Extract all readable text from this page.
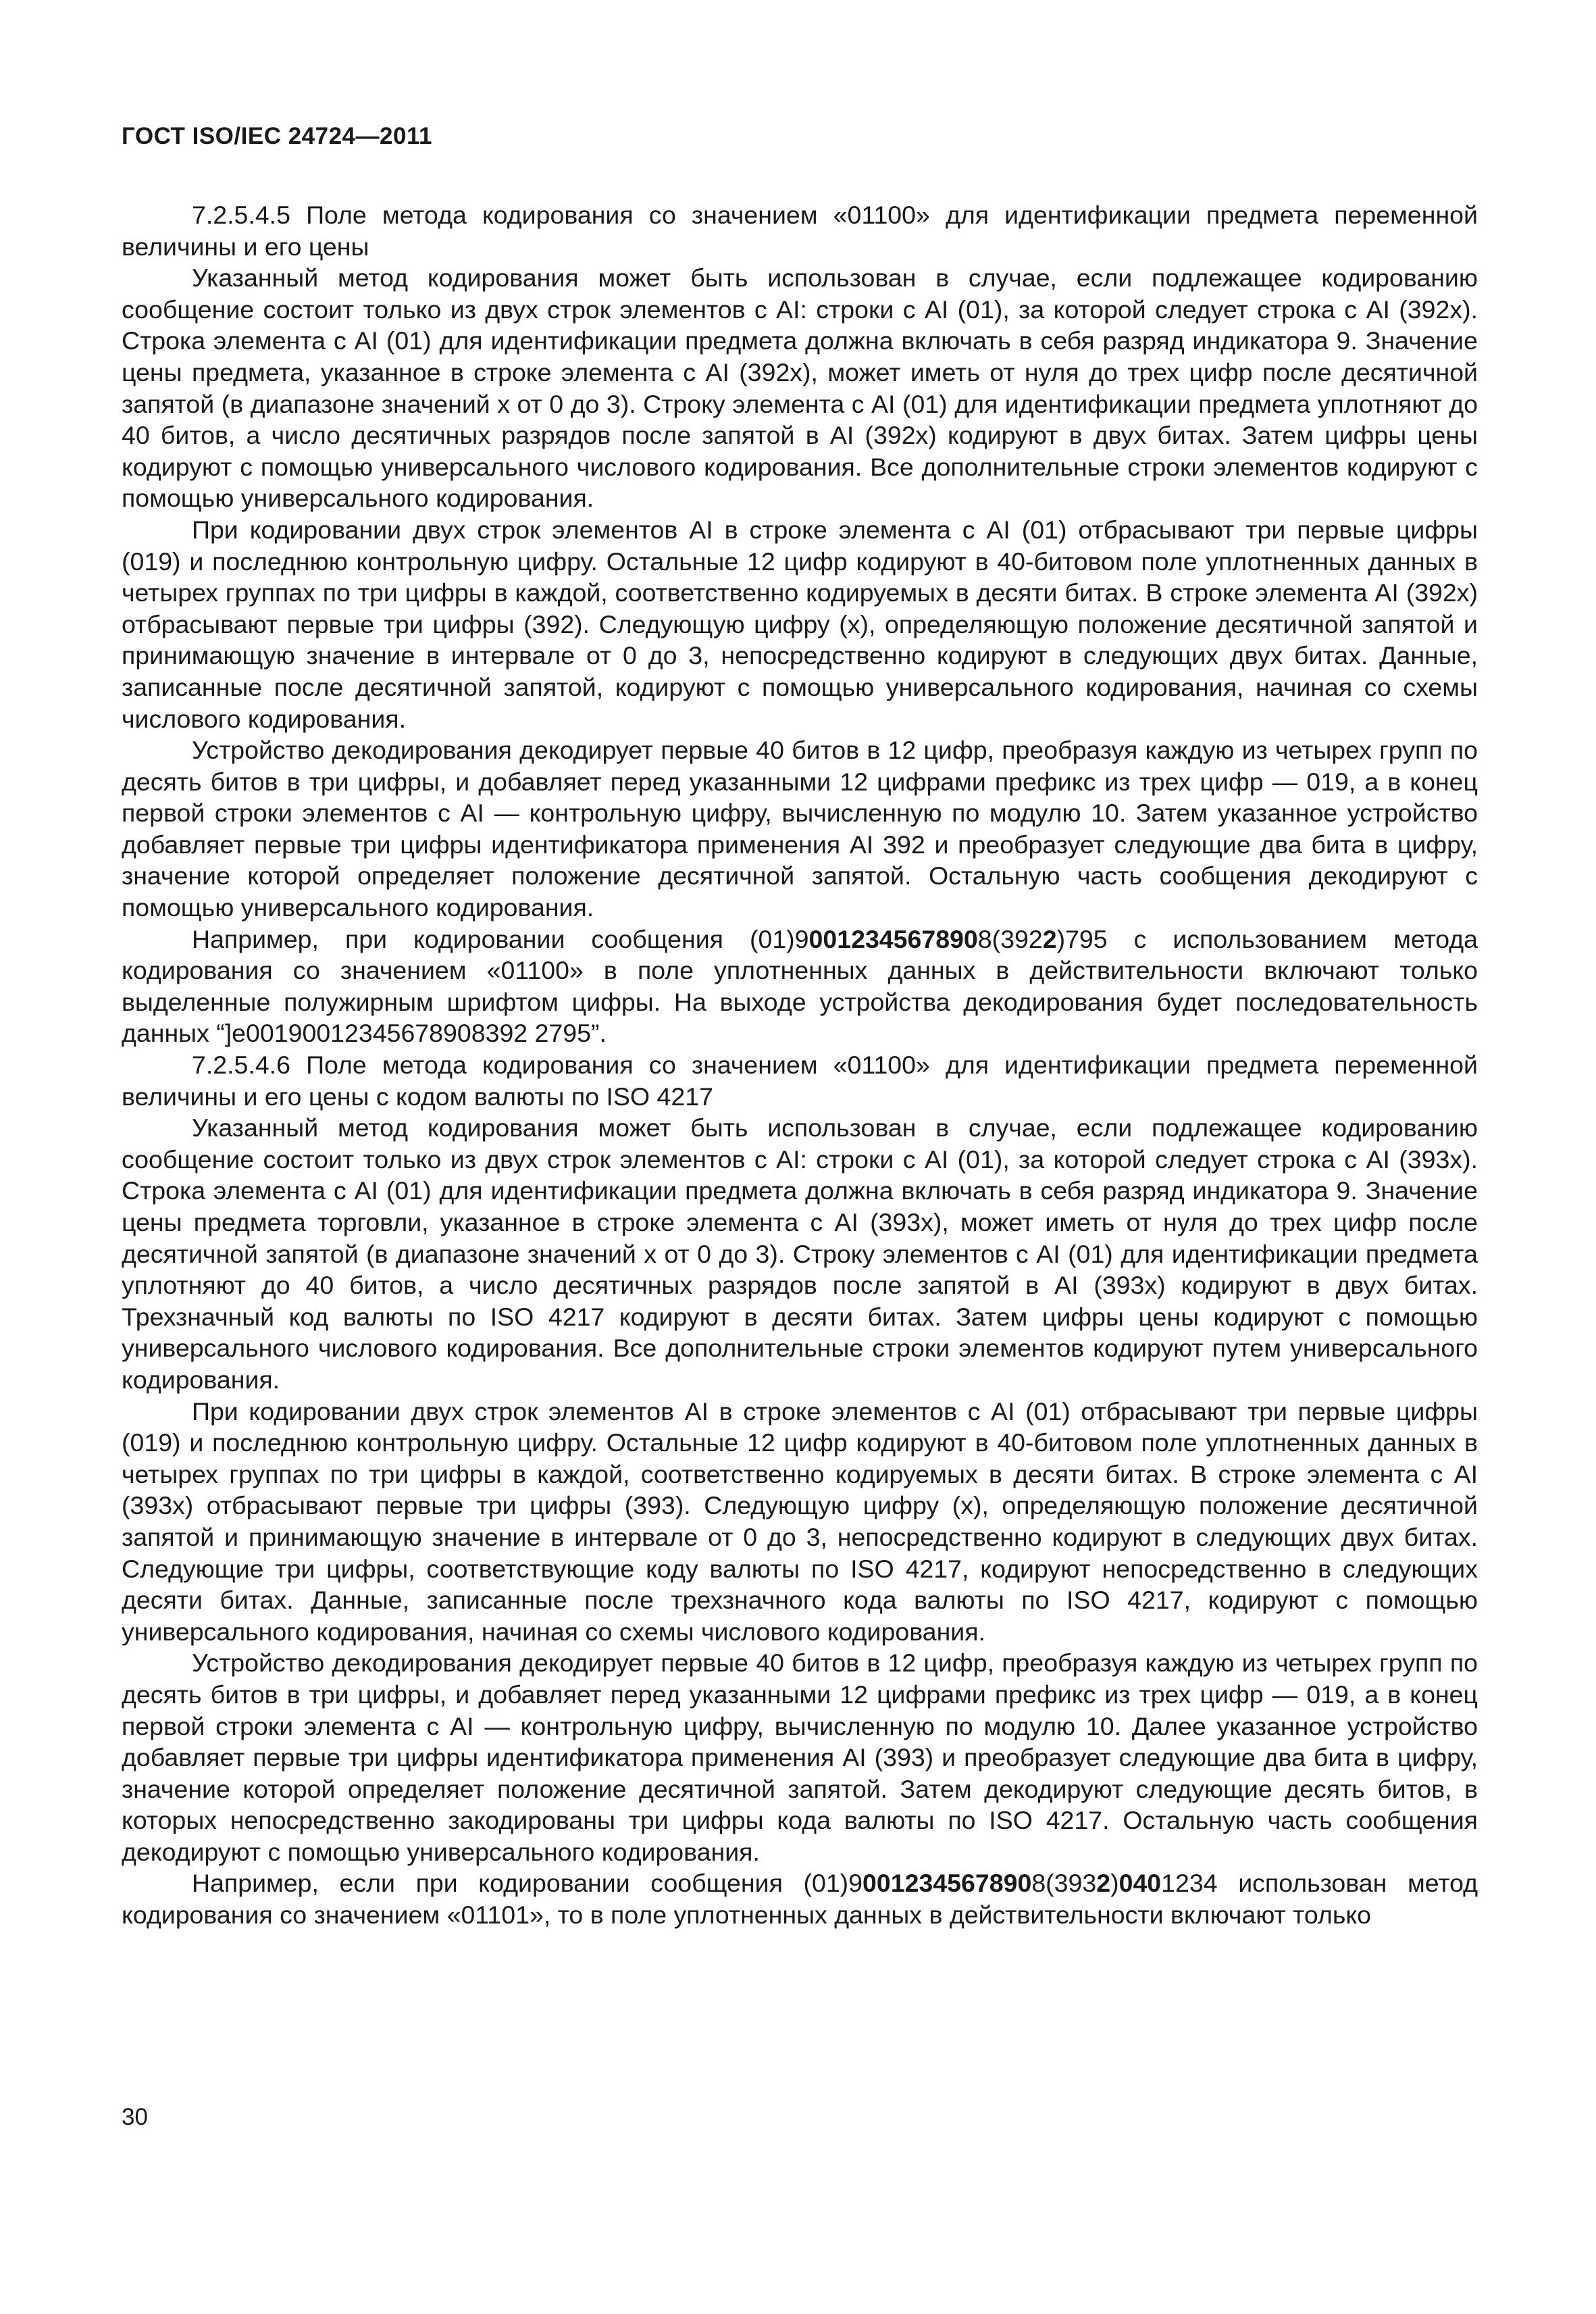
ГОСТ ISO/IEC 24724—2011

7.2.5.4.5 Поле метода кодирования со значением «01100» для идентификации предмета переменной величины и его цены

Указанный метод кодирования может быть использован в случае, если подлежащее кодированию сообщение состоит только из двух строк элементов с AI: строки с AI (01), за которой следует строка с AI (392x). Строка элемента с AI (01) для идентификации предмета должна включать в себя разряд индикатора 9. Значение цены предмета, указанное в строке элемента с AI (392x), может иметь от нуля до трех цифр после десятичной запятой (в диапазоне значений x от 0 до 3). Строку элемента с AI (01) для идентификации предмета уплотняют до 40 битов, а число десятичных разрядов после запятой в AI (392x) кодируют в двух битах. Затем цифры цены кодируют с помощью универсального числового кодирования. Все дополнительные строки элементов кодируют с помощью универсального кодирования.

При кодировании двух строк элементов AI в строке элемента с AI (01) отбрасывают три первые цифры (019) и последнюю контрольную цифру. Остальные 12 цифр кодируют в 40-битовом поле уплотненных данных в четырех группах по три цифры в каждой, соответственно кодируемых в десяти битах. В строке элемента AI (392x) отбрасывают первые три цифры (392). Следующую цифру (x), определяющую положение десятичной запятой и принимающую значение в интервале от 0 до 3, непосредственно кодируют в следующих двух битах. Данные, записанные после десятичной запятой, кодируют с помощью универсального кодирования, начиная со схемы числового кодирования.

Устройство декодирования декодирует первые 40 битов в 12 цифр, преобразуя каждую из четырех групп по десять битов в три цифры, и добавляет перед указанными 12 цифрами префикс из трех цифр — 019, а в конец первой строки элементов с AI — контрольную цифру, вычисленную по модулю 10. Затем указанное устройство добавляет первые три цифры идентификатора применения AI 392 и преобразует следующие два бита в цифру, значение которой определяет положение десятичной запятой. Остальную часть сообщения декодируют с помощью универсального кодирования.

Например, при кодировании сообщения (01)90012345678908(3922)795 с использованием метода кодирования со значением «01100» в поле уплотненных данных в действительности включают только выделенные полужирным шрифтом цифры. На выходе устройства декодирования будет последовательность данных “]e00190012345678908392 2795”.

7.2.5.4.6 Поле метода кодирования со значением «01100» для идентификации предмета переменной величины и его цены с кодом валюты по ISO 4217

Указанный метод кодирования может быть использован в случае, если подлежащее кодированию сообщение состоит только из двух строк элементов с AI: строки с AI (01), за которой следует строка с AI (393x). Строка элемента с AI (01) для идентификации предмета должна включать в себя разряд индикатора 9. Значение цены предмета торговли, указанное в строке элемента с AI (393x), может иметь от нуля до трех цифр после десятичной запятой (в диапазоне значений x от 0 до 3). Строку элементов с AI (01) для идентификации предмета уплотняют до 40 битов, а число десятичных разрядов после запятой в AI (393x) кодируют в двух битах. Трехзначный код валюты по ISO 4217 кодируют в десяти битах. Затем цифры цены кодируют с помощью универсального числового кодирования. Все дополнительные строки элементов кодируют путем универсального кодирования.

При кодировании двух строк элементов AI в строке элементов с AI (01) отбрасывают три первые цифры (019) и последнюю контрольную цифру. Остальные 12 цифр кодируют в 40-битовом поле уплотненных данных в четырех группах по три цифры в каждой, соответственно кодируемых в десяти битах. В строке элемента с AI (393x) отбрасывают первые три цифры (393). Следующую цифру (x), определяющую положение десятичной запятой и принимающую значение в интервале от 0 до 3, непосредственно кодируют в следующих двух битах. Следующие три цифры, соответствующие коду валюты по ISO 4217, кодируют непосредственно в следующих десяти битах. Данные, записанные после трехзначного кода валюты по ISO 4217, кодируют с помощью универсального кодирования, начиная со схемы числового кодирования.

Устройство декодирования декодирует первые 40 битов в 12 цифр, преобразуя каждую из четырех групп по десять битов в три цифры, и добавляет перед указанными 12 цифрами префикс из трех цифр — 019, а в конец первой строки элемента с AI — контрольную цифру, вычисленную по модулю 10. Далее указанное устройство добавляет первые три цифры идентификатора применения AI (393) и преобразует следующие два бита в цифру, значение которой определяет положение десятичной запятой. Затем декодируют следующие десять битов, в которых непосредственно закодированы три цифры кода валюты по ISO 4217. Остальную часть сообщения декодируют с помощью универсального кодирования.

Например, если при кодировании сообщения (01)90012345678908(3932)0401234 использован метод кодирования со значением «01101», то в поле уплотненных данных в действительности включают только

30
